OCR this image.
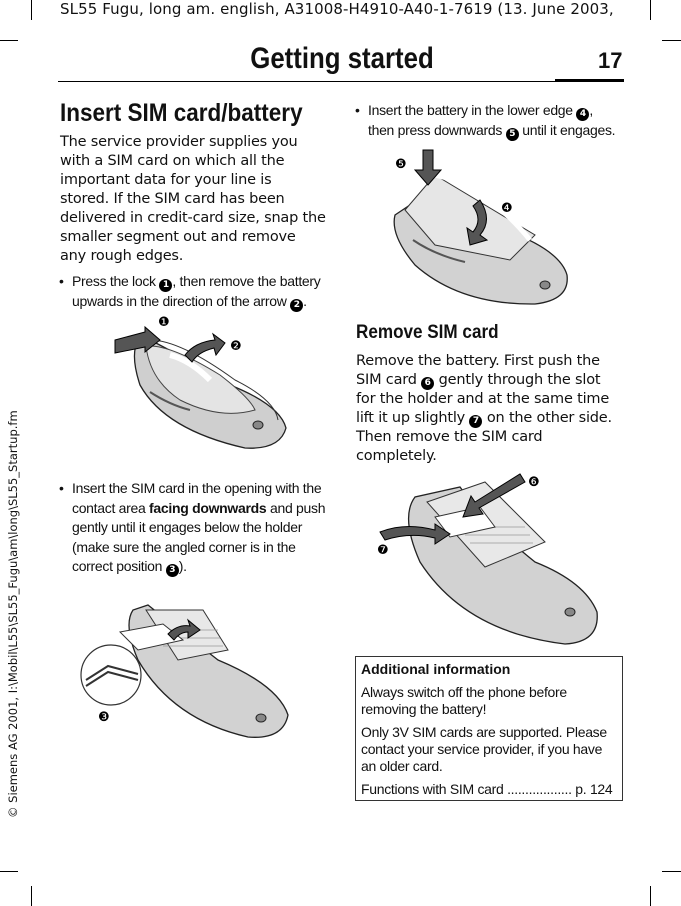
SL55 Fugu, long am. english, A31008-H4910-A40-1-7619 (13. June 2003,
© Siemens AG 2001, I:\Mobil\L55\SL55_Fugu\am\long\SL55_Startup.fm
Getting started	17
Insert SIM card/battery
The service provider supplies you
with a SIM card on which all the
important data for your line is
stored. If the SIM card has been
delivered in credit-card size, snap the
smaller segment out and remove
any rough edges.
• Press the lock 1 , then remove the battery
upwards in the direction of the arrow 2 .
❶
❷
• Insert the SIM card in the opening with the
contact area facing downwards and push
gently until it engages below the holder
(make sure the angled corner is in the
correct position 3 ).
❸
• Insert the battery in the lower edge 4 ,
then press downwards 5 until it engages.
❺
❹
Remove SIM card
Remove the battery. First push the
SIM card 6 gently through the slot
for the holder and at the same time
lift it up slightly 7 on the other side.
Then remove the SIM card
completely.
❻
❼
Additional information
Always switch off the phone before
removing the battery!
Only 3V SIM cards are supported. Please
contact your service provider, if you have
an older card.
Functions with SIM card .................. p. 124
